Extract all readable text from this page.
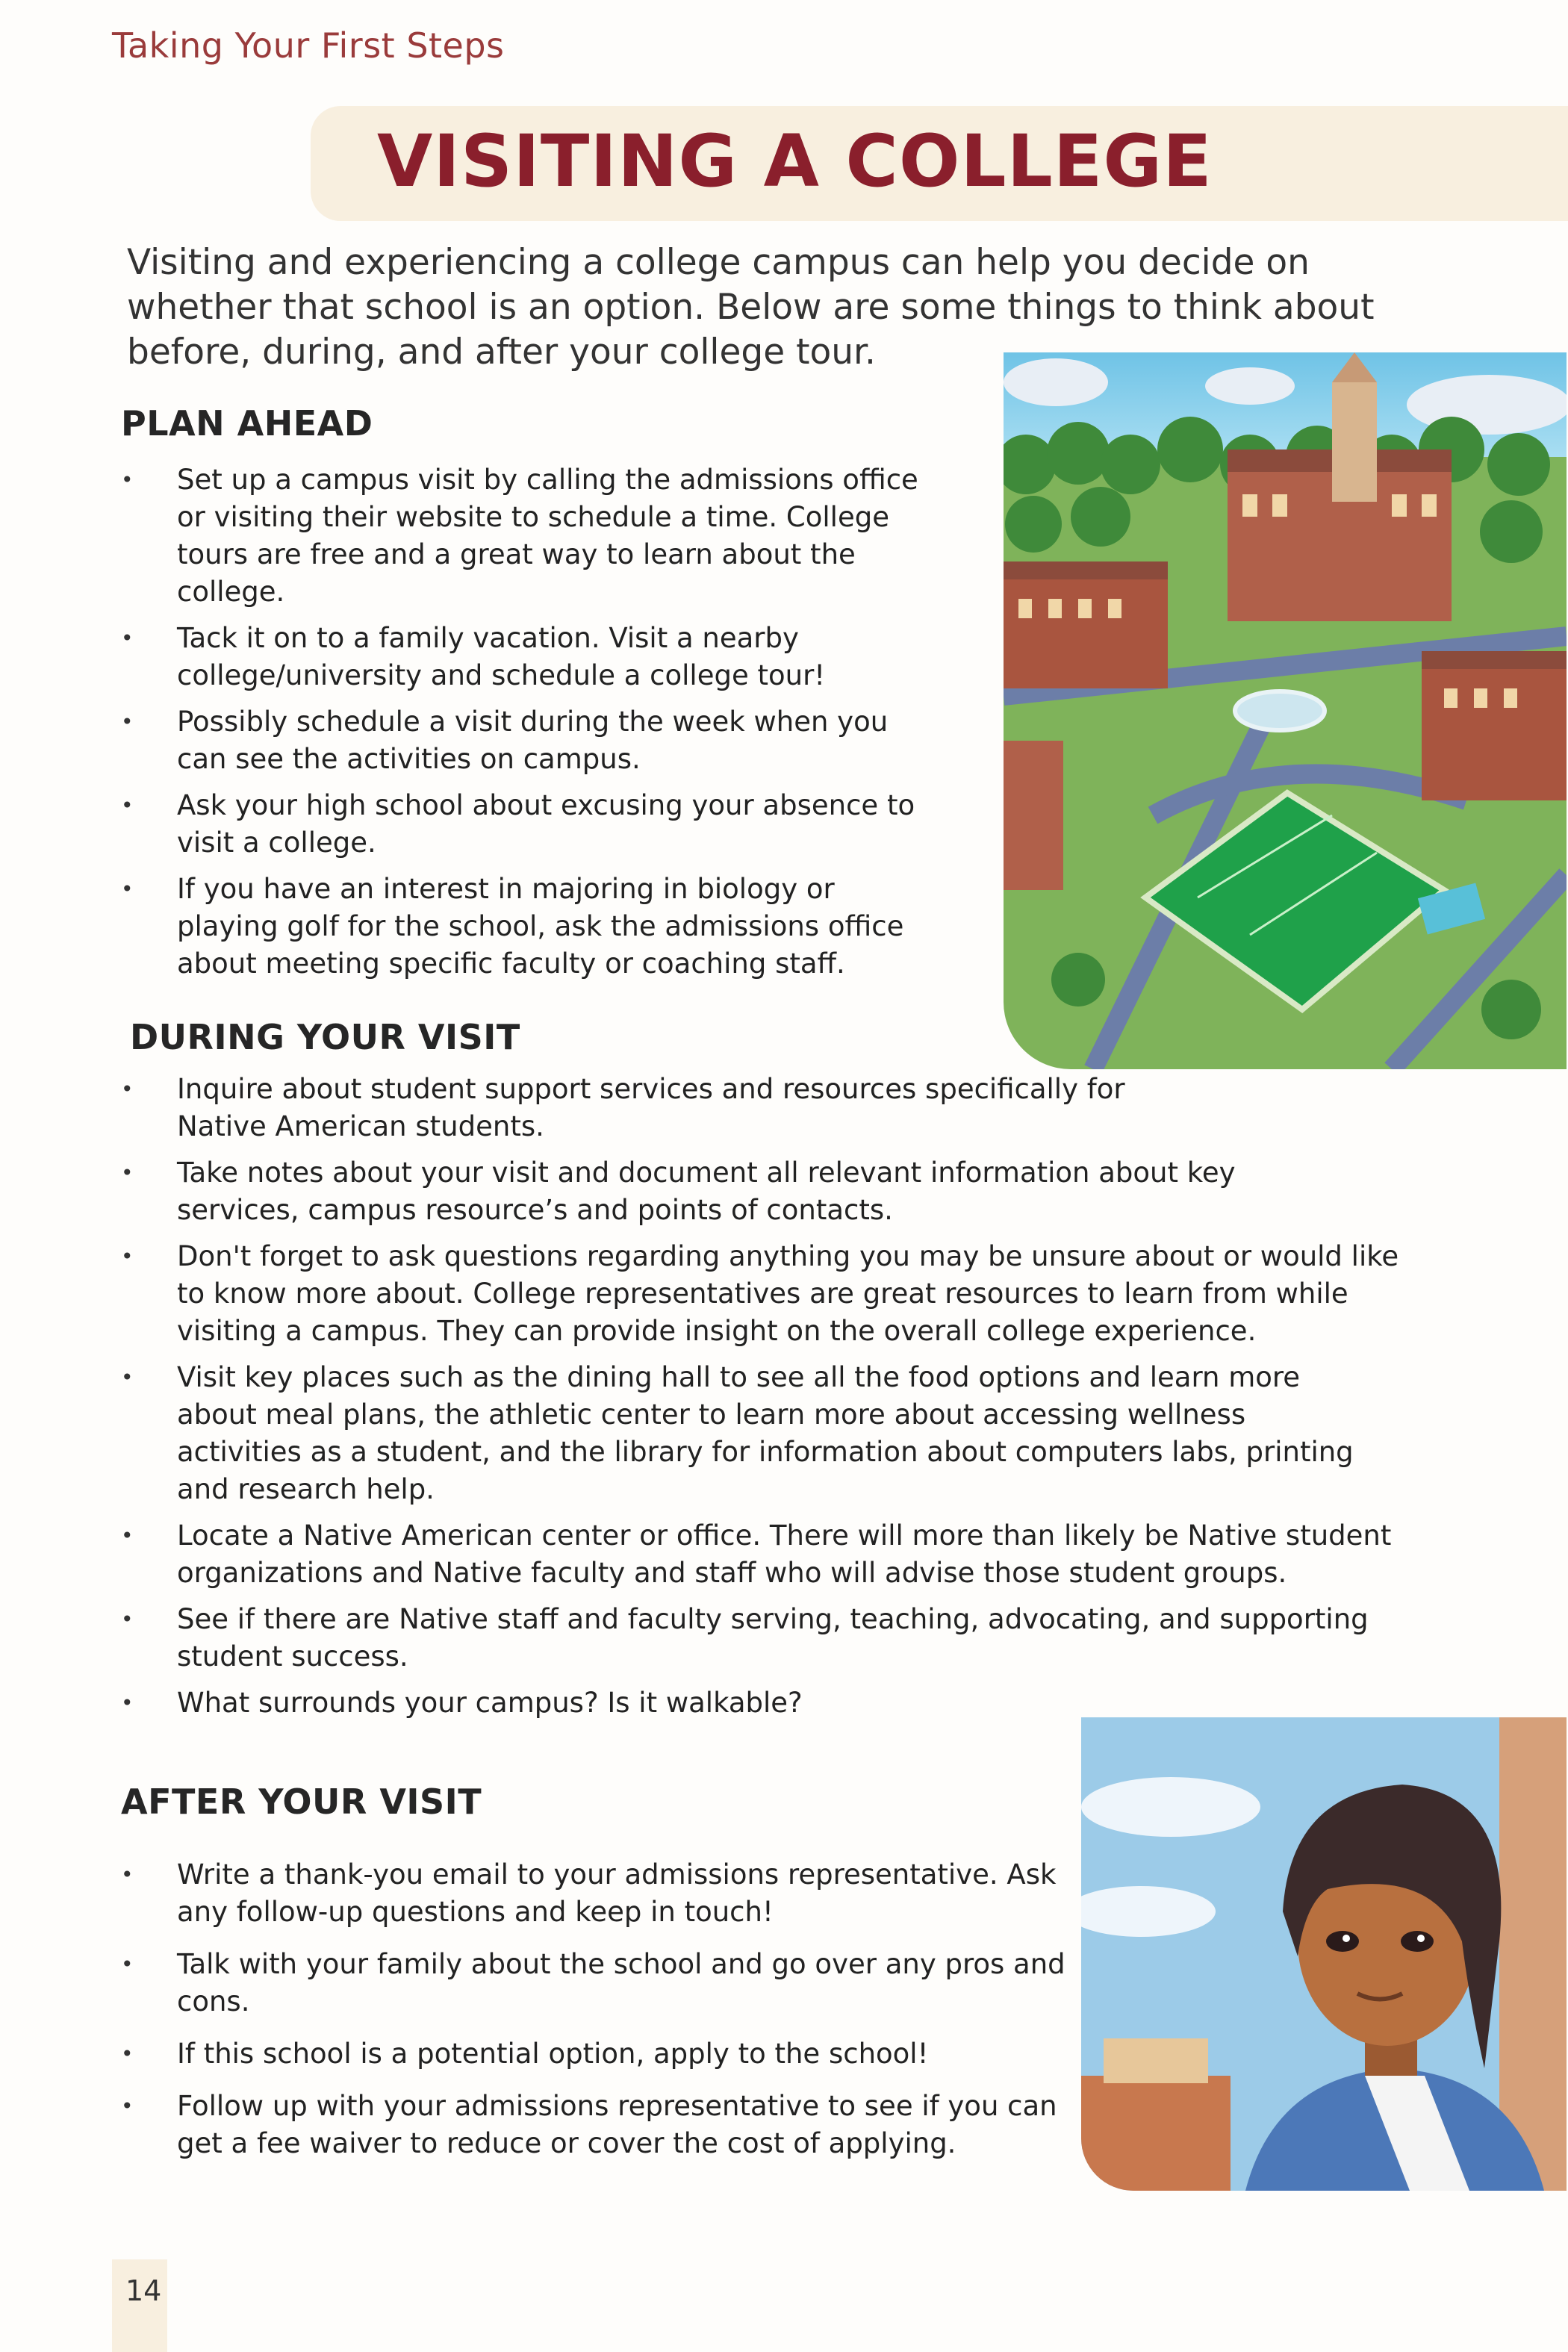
Taking Your First Steps
VISITING A COLLEGE

Visiting and experiencing a college campus can help you decide on whether that school is an option. Below are some things to think about before, during, and after your college tour.

PLAN AHEAD
• Set up a campus visit by calling the admissions office or visiting their website to schedule a time. College tours are free and a great way to learn about the college.
• Tack it on to a family vacation. Visit a nearby college/university and schedule a college tour!
• Possibly schedule a visit during the week when you can see the activities on campus.
• Ask your high school about excusing your absence to visit a college.
• If you have an interest in majoring in biology or playing golf for the school, ask the admissions office about meeting specific faculty or coaching staff.
DURING YOUR VISIT
• Inquire about student support services and resources specifically for Native American students.
• Take notes about your visit and document all relevant information about key services, campus resource’s and points of contacts.
• Don't forget to ask questions regarding anything you may be unsure about or would like to know more about. College representatives are great resources to learn from while visiting a campus. They can provide insight on the overall college experience.
• Visit key places such as the dining hall to see all the food options and learn more about meal plans, the athletic center to learn more about accessing wellness activities as a student, and the library for information about computers labs, printing and research help.
• Locate a Native American center or office. There will more than likely be Native student organizations and Native faculty and staff who will advise those student groups.
• See if there are Native staff and faculty serving, teaching, advocating, and supporting student success.
• What surrounds your campus? Is it walkable?
AFTER YOUR VISIT
• Write a thank-you email to your admissions representative. Ask any follow-up questions and keep in touch!
• Talk with your family about the school and go over any pros and cons.
• If this school is a potential option, apply to the school!
• Follow up with your admissions representative to see if you can get a fee waiver to reduce or cover the cost of applying.
14
